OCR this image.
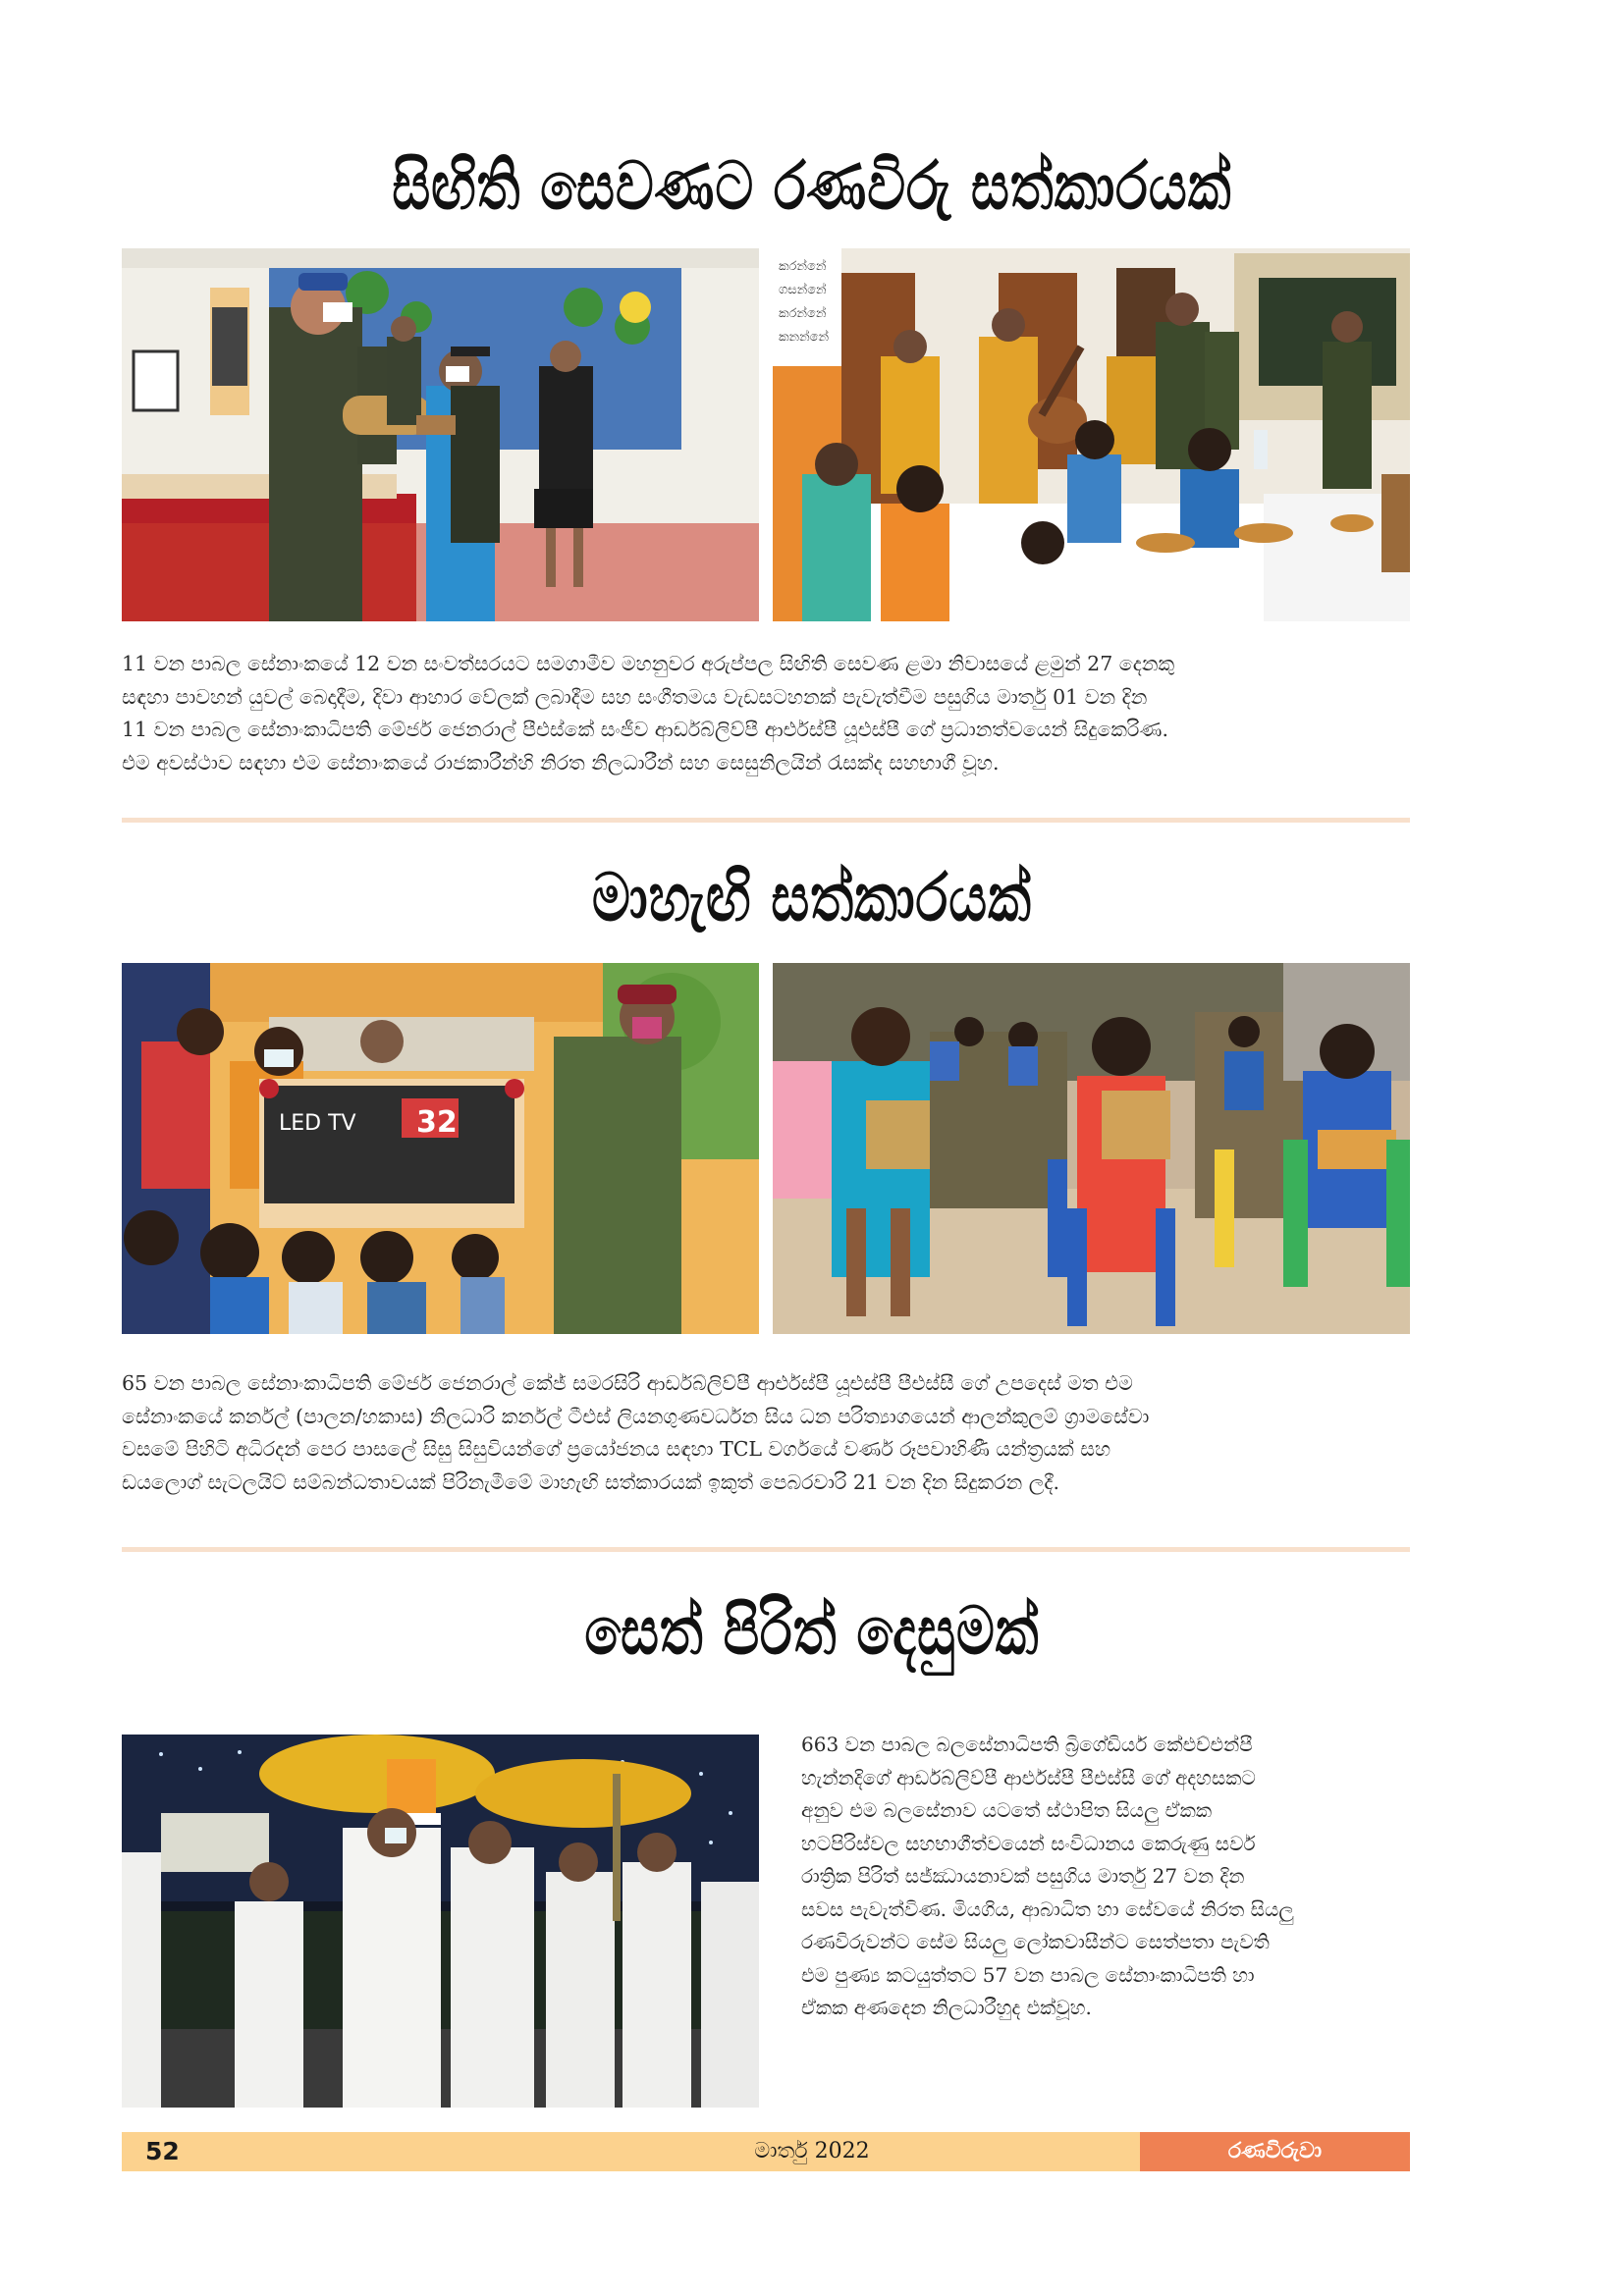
සිඟිති සෙවණට රණවිරු සත්කාරයක්
කරන්නේ
ගසන්නේ
කරන්නේ
කනන්නේ
11 වන පාබල සේනාංකයේ 12 වන සංවත්සරයට සමගාමීව මහනුවර අරුප්පල සිඟිති සෙවණ ළමා නිවාසයේ ළමුන් 27 දෙනකු
සඳහා පාවහන් යුවල් බෙදාදීම, දිවා ආහාර වේලක් ලබාදීම සහ සංගීතමය වැඩසටහනක් පැවැත්වීම පසුගිය මාර්තු 01 වන දින
11 වන පාබල සේනාංකාධිපති මේජර් ජෙනරාල් පීඑස්කේ සංජීව ආර්ඩබ්ලිව්පී ආර්එස්පී යූඑස්පී ගේ ප්‍රධානත්වයෙන් සිදුකෙරිණ.
එම අවස්ථාව සඳහා එම සේනාංකයේ රාජකාරීන්හි නිරත නිලධාරීන් සහ සෙසුනිලයින් රැසක්ද සහභාගී වූහ.
මාහැඟි සත්කාරයක්
32
LED TV
65 වන පාබල සේනාංකාධිපති මේජර් ජෙනරාල් කේජ් සමරසිරි ආර්ඩබ්ලිව්පී ආර්එස්පී යූඑස්පී පීඑස්සී ගේ උපදෙස් මත එම
සේනාංකයේ කර්නල් (පාලන/හකාස) නිලධාරි කර්නල් ටීඑස් ලියනගුණවර්ධන සිය ධන පරිත්‍යාගයෙන් ආලන්කුලම් ග්‍රාමසේවා
වසමේ පිහිටි අධිරදන් පෙර පාසලේ සිසු සිසුවියන්ගේ ප්‍රයෝජනය සඳහා TCL වර්ගයේ වර්ණ රූපවාහිණී යන්ත්‍රයක් සහ
ඩයලොග් සැටලයිට් සම්බන්ධතාවයක් පිරිනැමීමේ මාහැඟි සත්කාරයක් ඉකුත් පෙබරවාරි 21 වන දින සිදුකරන ලදී.
සෙත් පිරිත් දෙසුමක්
663 වන පාබල බලසේනාධිපති බ්‍රිගේඩියර් කේඑච්එන්පී
හැන්නදිගේ ආර්ඩබ්ලිව්පී ආර්එස්පී පීඑස්සී ගේ අදහසකට
අනුව එම බලසේනාව යටතේ ස්ථාපිත සියලු ඒකක
හටපිරිස්වල සහභාගීත්වයෙන් සංවිධානය කෙරුණු සර්ව
රාත්‍රික පිරිත් සජ්ඣායනාවක් පසුගිය මාර්තු 27 වන දින
සවස පැවැත්විණ. මියගිය, ආබාධිත හා සේවයේ නිරත සියලු
රණවිරුවන්ට සේම සියලු ලෝකවාසීන්ට සෙත්පතා පැවති
එම පුණ්‍ය කටයුත්තට 57 වන පාබල සේනාංකාධිපති හා
ඒකක අණදෙන නිලධාරීහුද එක්වූහ.
52	මාර්තු 2022	රණවිරුවා
